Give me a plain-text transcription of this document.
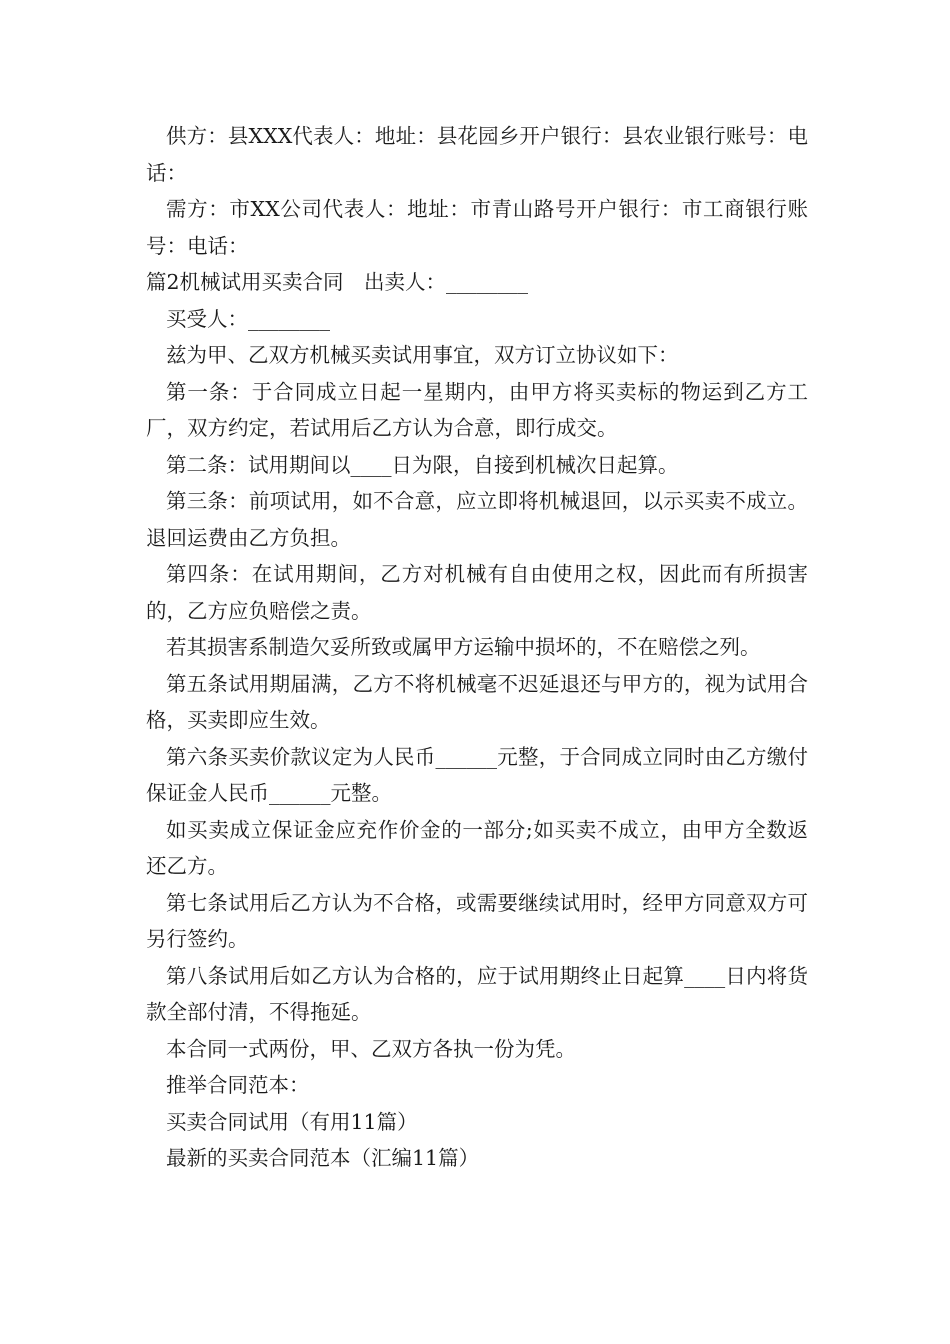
供方：县XXX代表人：地址：县花园乡开户银行：县农业银行账号：电话：

需方：市XX公司代表人：地址：市青山路号开户银行：市工商银行账号：电话：

篇2机械试用买卖合同　出卖人：________

买受人：________

兹为甲、乙双方机械买卖试用事宜，双方订立协议如下：

第一条：于合同成立日起一星期内，由甲方将买卖标的物运到乙方工厂，双方约定，若试用后乙方认为合意，即行成交。

第二条：试用期间以____日为限，自接到机械次日起算。

第三条：前项试用，如不合意，应立即将机械退回，以示买卖不成立。退回运费由乙方负担。

第四条：在试用期间，乙方对机械有自由使用之权，因此而有所损害的，乙方应负赔偿之责。

若其损害系制造欠妥所致或属甲方运输中损坏的，不在赔偿之列。

第五条试用期届满，乙方不将机械毫不迟延退还与甲方的，视为试用合格，买卖即应生效。

第六条买卖价款议定为人民币______元整，于合同成立同时由乙方缴付保证金人民币______元整。

如买卖成立保证金应充作价金的一部分;如买卖不成立，由甲方全数返还乙方。

第七条试用后乙方认为不合格，或需要继续试用时，经甲方同意双方可另行签约。

第八条试用后如乙方认为合格的，应于试用期终止日起算____日内将货款全部付清，不得拖延。

本合同一式两份，甲、乙双方各执一份为凭。

推举合同范本：

买卖合同试用（有用11篇）

最新的买卖合同范本（汇编11篇）
